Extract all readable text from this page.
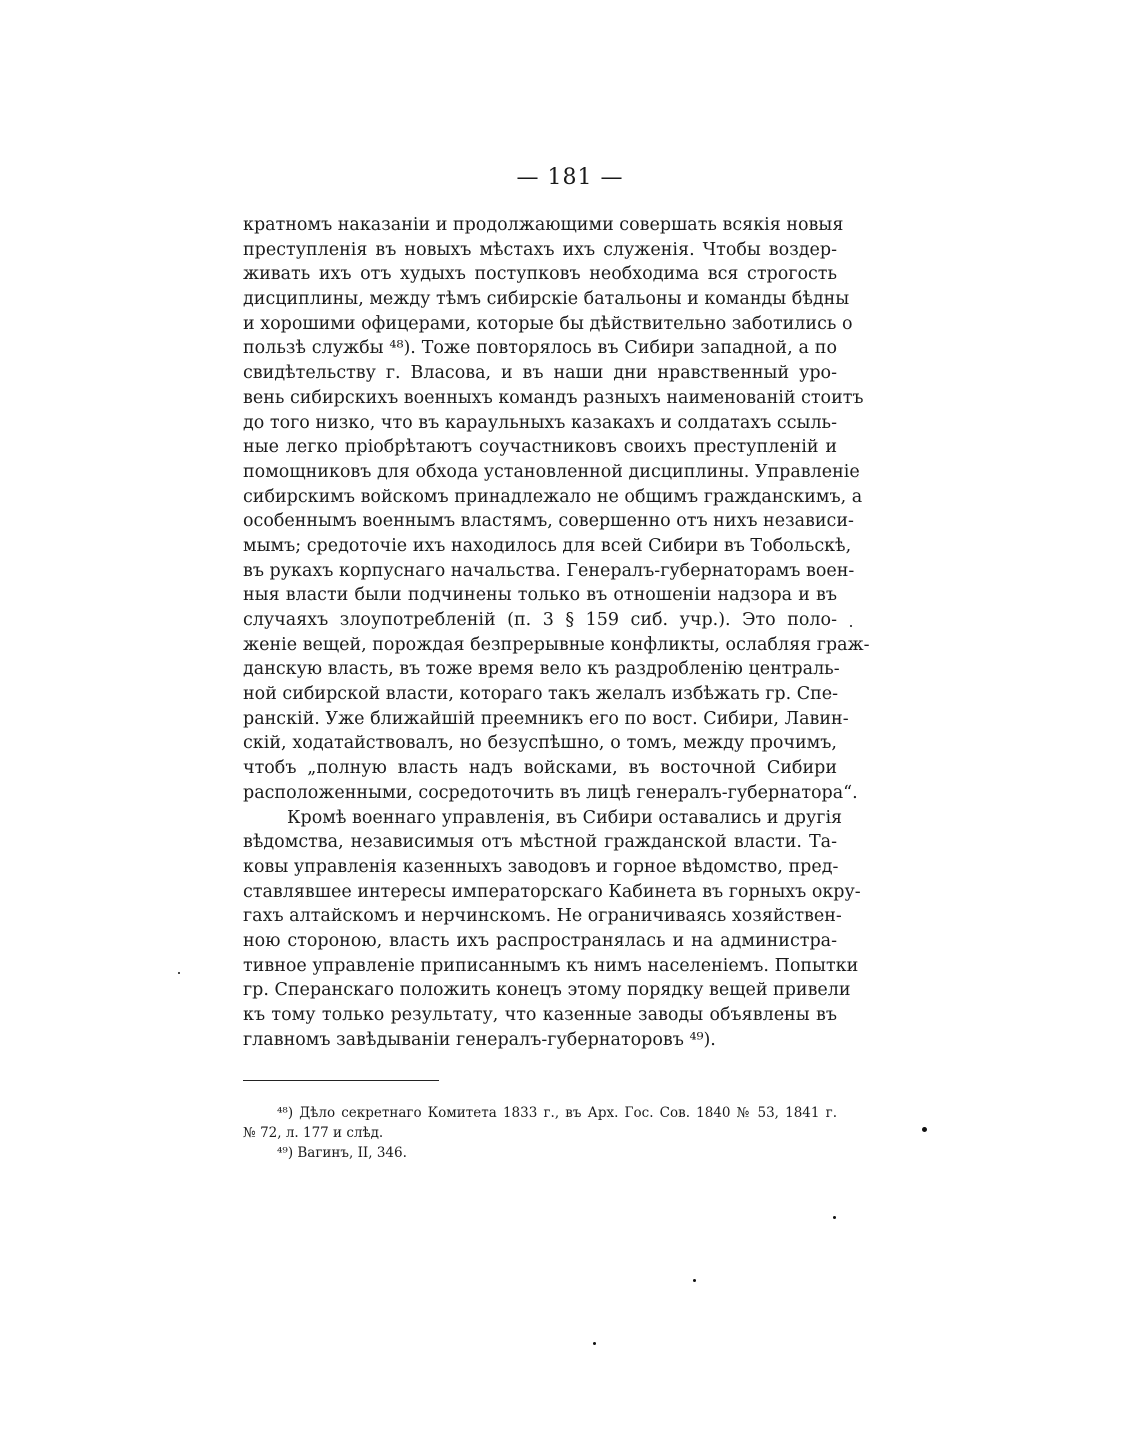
— 181 —
кратномъ наказаніи и продолжающими совершать всякія новыя
преступленія въ новыхъ мѣстахъ ихъ служенія. Чтобы воздер-
живать ихъ отъ худыхъ поступковъ необходима вся строгость
дисциплины, между тѣмъ сибирскіе батальоны и команды бѣдны
и хорошими офицерами, которые бы дѣйствительно заботились о
пользѣ службы ⁴⁸). Тоже повторялось въ Сибири западной, а по
свидѣтельству г. Власова, и въ наши дни нравственный уро-
вень сибирскихъ военныхъ командъ разныхъ наименованій стоитъ
до того низко, что въ караульныхъ казакахъ и солдатахъ ссыль-
ные легко пріобрѣтаютъ соучастниковъ своихъ преступленій и
помощниковъ для обхода установленной дисциплины. Управленіе
сибирскимъ войскомъ принадлежало не общимъ гражданскимъ, а
особеннымъ военнымъ властямъ, совершенно отъ нихъ независи-
мымъ; средоточіе ихъ находилось для всей Сибири въ Тобольскѣ,
въ рукахъ корпуснаго начальства. Генералъ-губернаторамъ воен-
ныя власти были подчинены только въ отношеніи надзора и въ
случаяхъ злоупотребленій (п. 3 § 159 сиб. учр.). Это поло-
женіе вещей, порождая безпрерывные конфликты, ослабляя граж-
данскую власть, въ тоже время вело къ раздробленію централь-
ной сибирской власти, котораго такъ желалъ избѣжать гр. Спе-
ранскій. Уже ближайшій преемникъ его по вост. Сибири, Лавин-
скій, ходатайствовалъ, но безуспѣшно, о томъ, между прочимъ,
чтобъ „полную власть надъ войсками, въ восточной Сибири
расположенными, сосредоточить въ лицѣ генералъ-губернатора“.
Кромѣ военнаго управленія, въ Сибири оставались и другія
вѣдомства, независимыя отъ мѣстной гражданской власти. Та-
ковы управленія казенныхъ заводовъ и горное вѣдомство, пред-
ставлявшее интересы императорскаго Кабинета въ горныхъ окру-
гахъ алтайскомъ и нерчинскомъ. Не ограничиваясь хозяйствен-
ною стороною, власть ихъ распространялась и на администра-
тивное управленіе приписаннымъ къ нимъ населеніемъ. Попытки
гр. Сперанскаго положить конецъ этому порядку вещей привели
къ тому только результату, что казенные заводы объявлены въ
главномъ завѣдываніи генералъ-губернаторовъ ⁴⁹).
⁴⁸) Дѣло секретнаго Комитета 1833 г., въ Арх. Гос. Сов. 1840 № 53, 1841 г.
№ 72, л. 177 и слѣд.
⁴⁹) Вагинъ, II, 346.
